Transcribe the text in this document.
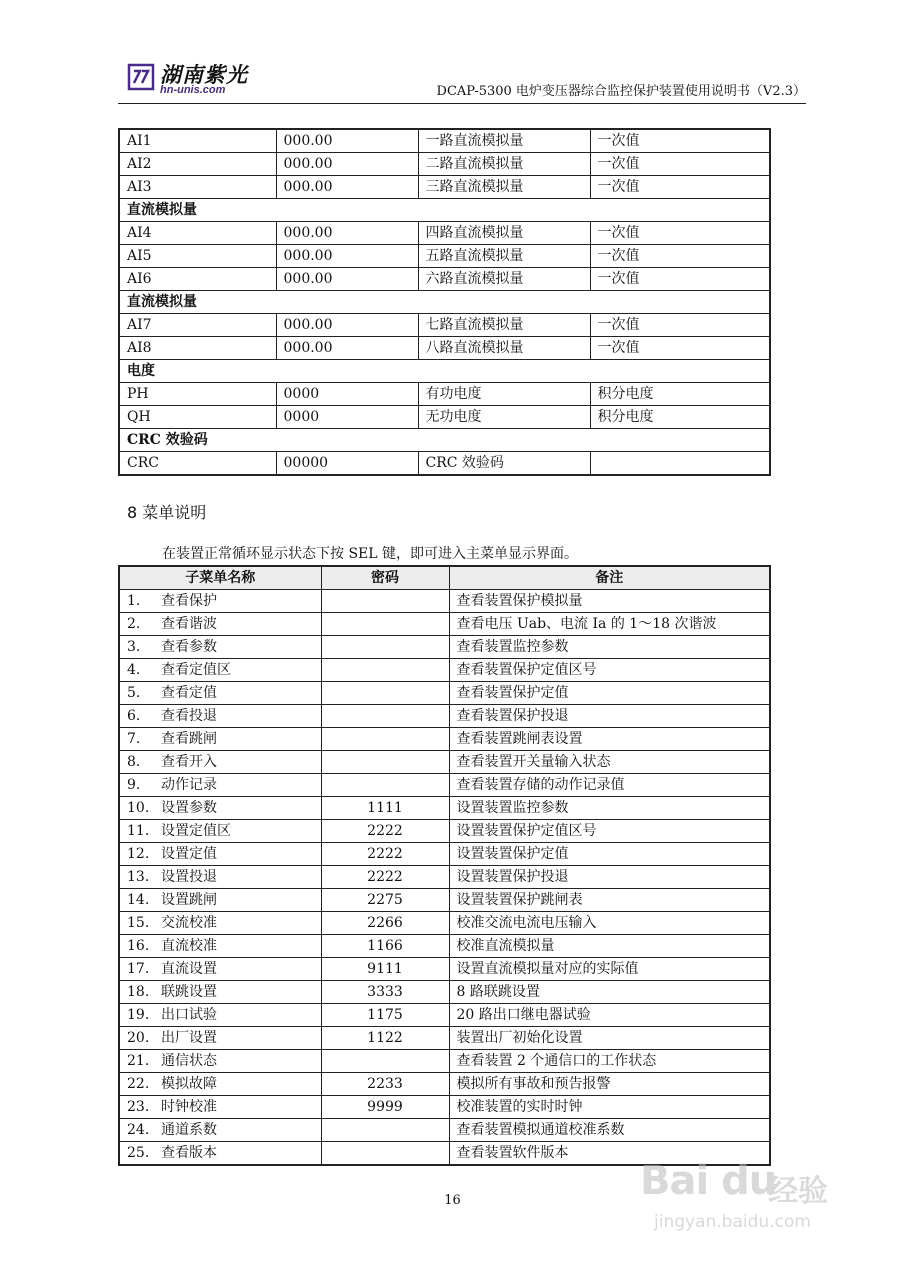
湖南紫光
hn-unis.com	DCAP-5300 电炉变压器综合监控保护装置使用说明书（V2.3）
AI1	000.00	一路直流模拟量	一次值
AI2	000.00	二路直流模拟量	一次值
AI3	000.00	三路直流模拟量	一次值
直流模拟量			
AI4	000.00	四路直流模拟量	一次值
AI5	000.00	五路直流模拟量	一次值
AI6	000.00	六路直流模拟量	一次值
直流模拟量			
AI7	000.00	七路直流模拟量	一次值
AI8	000.00	八路直流模拟量	一次值
电度			
PH	0000	有功电度	积分电度
QH	0000	无功电度	积分电度
CRC 效验码			
CRC	00000	CRC 效验码	
8 菜单说明
在装置正常循环显示状态下按 SEL 键，即可进入主菜单显示界面。
子菜单名称	密码	备注
1. 查看保护		查看装置保护模拟量
2. 查看谐波		查看电压 Uab、电流 Ia 的 1～18 次谐波
3. 查看参数		查看装置监控参数
4. 查看定值区		查看装置保护定值区号
5. 查看定值		查看装置保护定值
6. 查看投退		查看装置保护投退
7. 查看跳闸		查看装置跳闸表设置
8. 查看开入		查看装置开关量输入状态
9. 动作记录		查看装置存储的动作记录值
10. 设置参数	1111	设置装置监控参数
11. 设置定值区	2222	设置装置保护定值区号
12. 设置定值	2222	设置装置保护定值
13. 设置投退	2222	设置装置保护投退
14. 设置跳闸	2275	设置装置保护跳闸表
15. 交流校准	2266	校准交流电流电压输入
16. 直流校准	1166	校准直流模拟量
17. 直流设置	9111	设置直流模拟量对应的实际值
18. 联跳设置	3333	8 路联跳设置
19. 出口试验	1175	20 路出口继电器试验
20. 出厂设置	1122	装置出厂初始化设置
21. 通信状态		查看装置 2 个通信口的工作状态
22. 模拟故障	2233	模拟所有事故和预告报警
23. 时钟校准	9999	校准装置的实时时钟
24. 通道系数		查看装置模拟通道校准系数
25. 查看版本		查看装置软件版本
16	Bai du
经验
jingyan.baidu.com
